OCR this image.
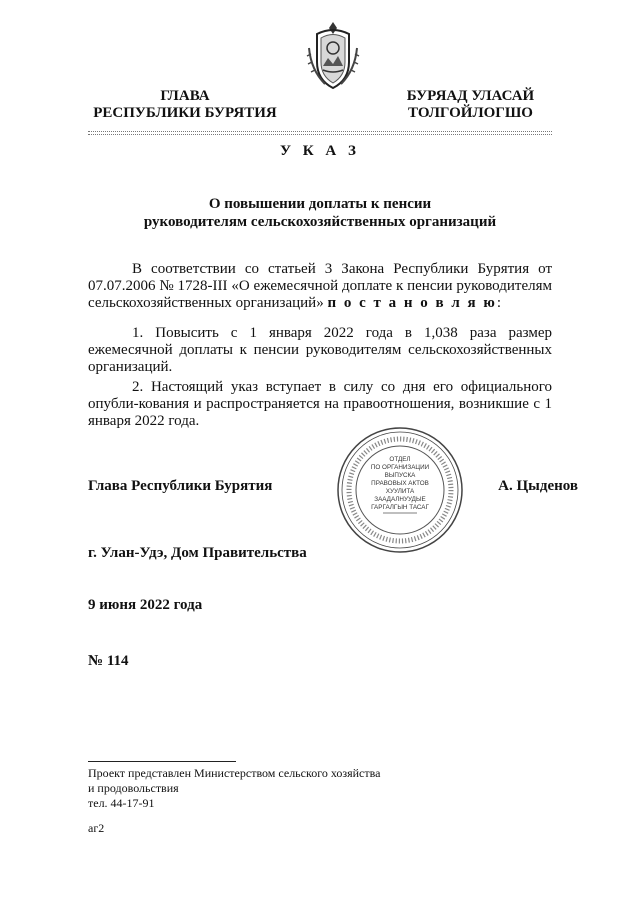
ГЛАВА
РЕСПУБЛИКИ БУРЯТИЯ
БУРЯАД УЛАСАЙ
ТОЛГОЙЛОГШО
У К А З
О повышении доплаты к пенсии
руководителям сельскохозяйственных организаций
В соответствии со статьей 3 Закона Республики Бурятия от 07.07.2006 № 1728-III «О ежемесячной доплате к пенсии руководителям сельскохозяйственных организаций» п о с т а н о в л я ю:
1. Повысить с 1 января 2022 года в 1,038 раза размер ежемесячной доплаты к пенсии руководителям сельскохозяйственных организаций.
2. Настоящий указ вступает в силу со дня его официального опубли-кования и распространяется на правоотношения, возникшие с 1 января 2022 года.
ОТДЕЛ
ПО ОРГАНИЗАЦИИ
ВЫПУСКА
ПРАВОВЫХ АКТОВ
ХУУЛИТА
ЗААДАЛНУУДЫЕ
ГАРГАЛГЫН ТАСАГ
Глава Республики Бурятия	А. Цыденов
г. Улан-Удэ, Дом Правительства
9 июня 2022 года
№ 114
Проект представлен Министерством сельского хозяйства
и продовольствия
тел. 44-17-91
аг2
